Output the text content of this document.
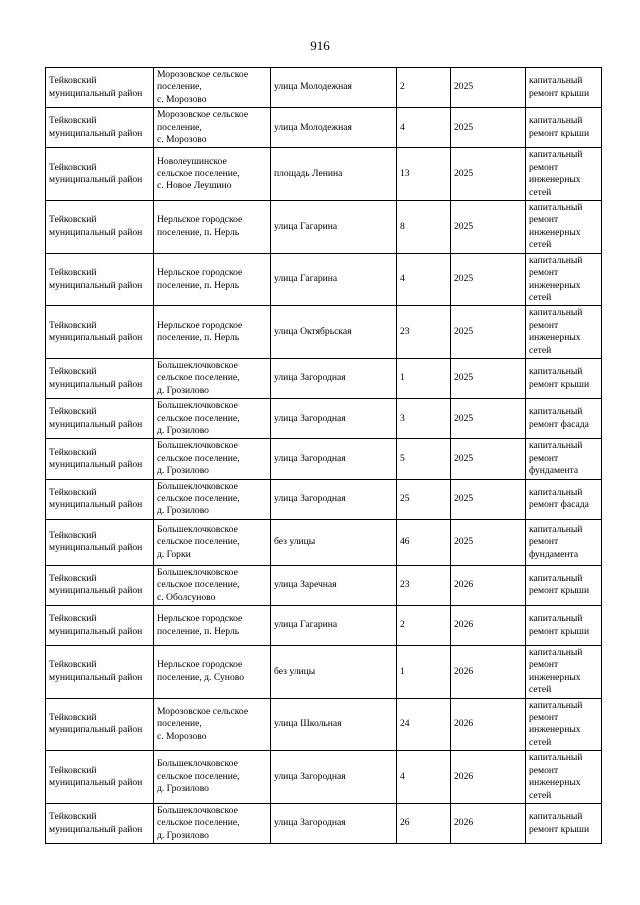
916
Тейковский муниципальный район	Морозовское сельское
поселение,
с. Морозово	улица Молодежная	2	2025	капитальный ремонт крыши
Тейковский муниципальный район	Морозовское сельское
поселение,
с. Морозово	улица Молодежная	4	2025	капитальный ремонт крыши
Тейковский муниципальный район	Новолеушинское
сельское поселение,
с. Новое Леушино	площадь Ленина	13	2025	капитальный ремонт инженерных сетей
Тейковский муниципальный район	Нерльское городское
поселение, п. Нерль	улица Гагарина	8	2025	капитальный ремонт инженерных сетей
Тейковский муниципальный район	Нерльское городское
поселение, п. Нерль	улица Гагарина	4	2025	капитальный ремонт инженерных сетей
Тейковский муниципальный район	Нерльское городское
поселение, п. Нерль	улица Октябрьская	23	2025	капитальный ремонт инженерных сетей
Тейковский муниципальный район	Большеклочковское
сельское поселение,
д. Грозилово	улица Загородная	1	2025	капитальный ремонт крыши
Тейковский муниципальный район	Большеклочковское
сельское поселение,
д. Грозилово	улица Загородная	3	2025	капитальный ремонт фасада
Тейковский муниципальный район	Большеклочковское
сельское поселение,
д. Грозилово	улица Загородная	5	2025	капитальный ремонт фундамента
Тейковский муниципальный район	Большеклочковское
сельское поселение,
д. Грозилово	улица Загородная	25	2025	капитальный ремонт фасада
Тейковский муниципальный район	Большеклочковское
сельское поселение,
д. Горки	без улицы	46	2025	капитальный ремонт фундамента
Тейковский муниципальный район	Большеклочковское
сельское поселение,
с. Оболсуново	улица Заречная	23	2026	капитальный ремонт крыши
Тейковский муниципальный район	Нерльское городское
поселение, п. Нерль	улица Гагарина	2	2026	капитальный ремонт крыши
Тейковский муниципальный район	Нерльское городское
поселение, д. Суново	без улицы	1	2026	капитальный ремонт инженерных сетей
Тейковский муниципальный район	Морозовское сельское
поселение,
с. Морозово	улица Школьная	24	2026	капитальный ремонт инженерных сетей
Тейковский муниципальный район	Большеклочковское
сельское поселение,
д. Грозилово	улица Загородная	4	2026	капитальный ремонт инженерных сетей
Тейковский муниципальный район	Большеклочковское
сельское поселение,
д. Грозилово	улица Загородная	26	2026	капитальный ремонт крыши
